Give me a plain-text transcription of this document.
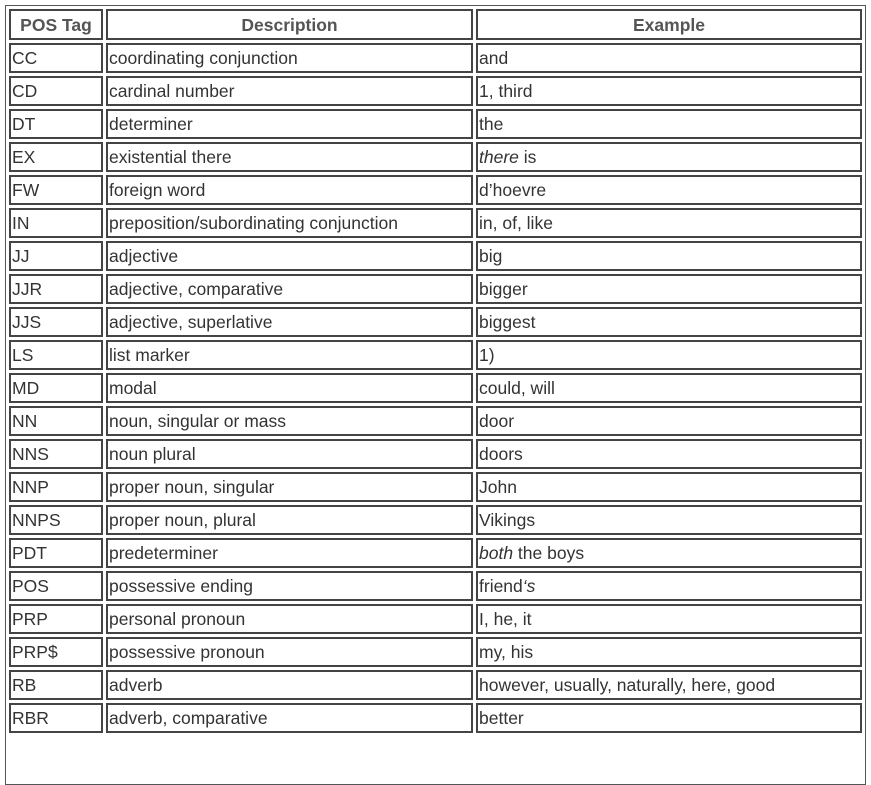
POS Tag	Description	Example
CC	coordinating conjunction	and
CD	cardinal number	1, third
DT	determiner	the
EX	existential there	there is
FW	foreign word	d’hoevre
IN	preposition/subordinating conjunction	in, of, like
JJ	adjective	big
JJR	adjective, comparative	bigger
JJS	adjective, superlative	biggest
LS	list marker	1)
MD	modal	could, will
NN	noun, singular or mass	door
NNS	noun plural	doors
NNP	proper noun, singular	John
NNPS	proper noun, plural	Vikings
PDT	predeterminer	both the boys
POS	possessive ending	friend‘s
PRP	personal pronoun	I, he, it
PRP$	possessive pronoun	my, his
RB	adverb	however, usually, naturally, here, good
RBR	adverb, comparative	better
